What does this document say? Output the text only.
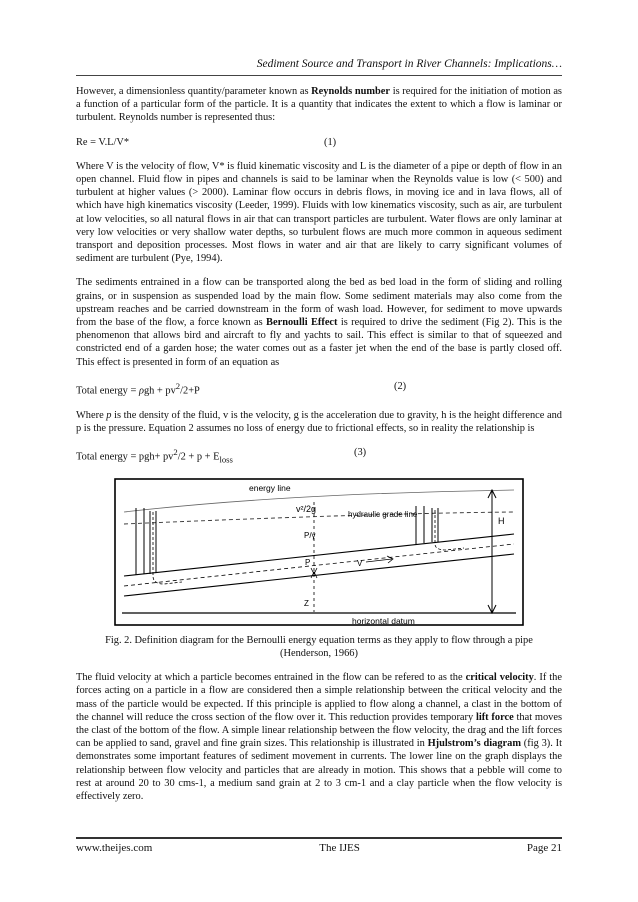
Sediment Source and Transport in River Channels: Implications…

However, a dimensionless quantity/parameter known as Reynolds number is required for the initiation of motion as a function of a particular form of the particle. It is a quantity that indicates the extent to which a flow is laminar or turbulent. Reynolds number is represented thus:

Re = V.L/V*	(1)

Where V is the velocity of flow, V* is fluid kinematic viscosity and L is the diameter of a pipe or depth of flow in an open channel. Fluid flow in pipes and channels is said to be laminar when the Reynolds value is low (< 500) and turbulent at higher values (> 2000). Laminar flow occurs in debris flows, in moving ice and in lava flows, all of which have high kinematics viscosity (Leeder, 1999). Fluids with low kinematics viscosity, such as air, are turbulent at low velocities, so all natural flows in air that can transport particles are turbulent. Water flows are only laminar at very low velocities or very shallow water depths, so turbulent flows are much more common in aqueous sediment transport and deposition processes. Most flows in water and air that are likely to carry significant volumes of sediment are turbulent (Pye, 1994).

The sediments entrained in a flow can be transported along the bed as bed load in the form of sliding and rolling grains, or in suspension as suspended load by the main flow. Some sediment materials may also come from the upstream reaches and be carried downstream in the form of wash load. However, for sediment to move upwards from the base of the flow, a force known as Bernoulli Effect is required to drive the sediment (Fig 2). This is the phenomenon that allows bird and aircraft to fly and yachts to sail. This effect is similar to that of squeezed and constricted end of a garden hose; the water comes out as a faster jet when the end of the base is partly closed off. This effect is presented in form of an equation as

Total energy = $\rho gh + pv^2/2+P$	(2)

Where p is the density of the fluid, v is the velocity, g is the acceleration due to gravity, h is the height difference and p is the pressure. Equation 2 assumes no loss of energy due to frictional effects, so in reality the relationship is

Total energy = $pgh+ pv^2/2 + p + E_{loss}$
(3)
energy line
v²/2g
hydraulic grade line
P/γ
P	V
Z
H
horizontal datum
Fig. 2. Definition diagram for the Bernoulli energy equation terms as they apply to flow through a pipe
(Henderson, 1966)

The fluid velocity at which a particle becomes entrained in the flow can be refered to as the critical velocity. If the forces acting on a particle in a flow are considered then a simple relationship between the critical velocity and the mass of the particle would be expected. If this principle is applied to flow along a channel, a clast in the bottom of the channel will reduce the cross section of the flow over it. This reduction provides temporary lift force that moves the clast of the bottom of the flow. A simple linear relationship between the flow velocity, the drag and the lift forces can be applied to sand, gravel and fine grain sizes. This relationship is illustrated in Hjulstrom’s diagram (fig 3). It demonstrates some important features of sediment movement in currents. The lower line on the graph displays the relationship between flow velocity and particles that are already in motion. This shows that a pebble will come to rest at around 20 to 30 cms-1, a medium sand grain at 2 to 3 cm-1 and a clay particle when the flow velocity is effectively zero.

www.theijes.com	The IJES	Page 21
